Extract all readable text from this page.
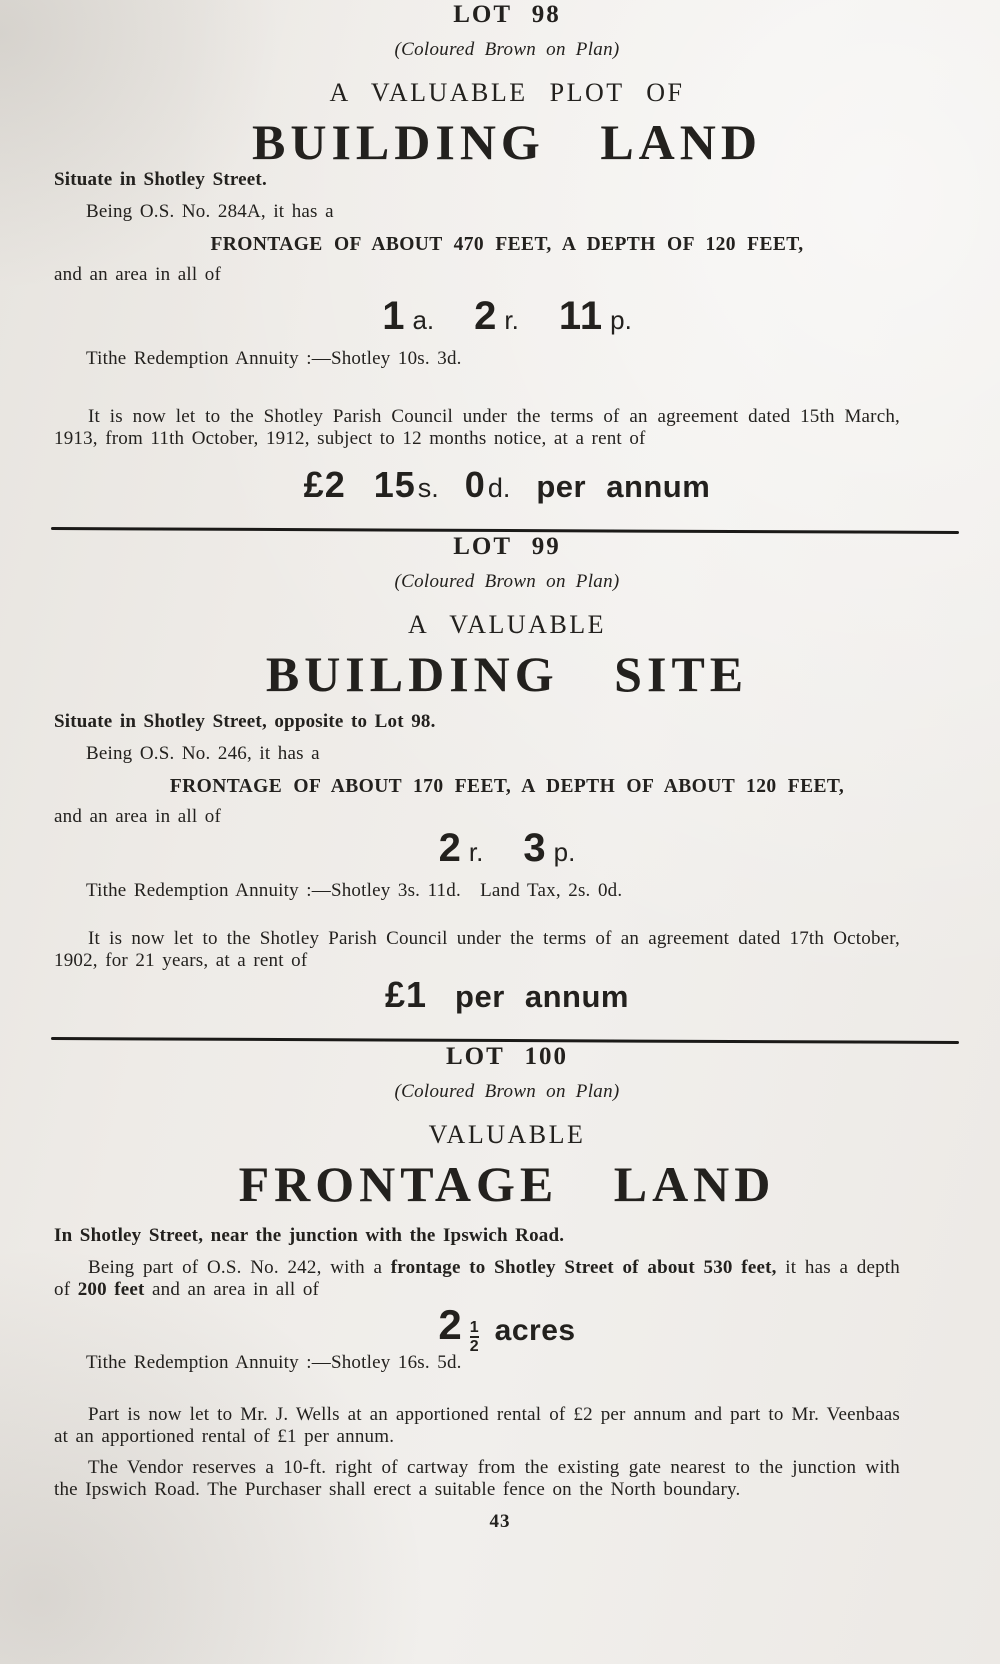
LOT 98

(Coloured Brown on Plan)

A VALUABLE PLOT OF

BUILDING LAND

Situate in Shotley Street.

Being O.S. No. 284A, it has a

FRONTAGE OF ABOUT 470 FEET, A DEPTH OF 120 FEET,

and an area in all of

1 a. 2 r. 11 p.

Tithe Redemption Annuity :—Shotley 10s. 3d.

It is now let to the Shotley Parish Council under the terms of an agreement dated 15th March, 1913, from 11th October, 1912, subject to 12 months notice, at a rent of

£2 15 s. 0 d. per annum
LOT 99

(Coloured Brown on Plan)

A VALUABLE

BUILDING SITE

Situate in Shotley Street, opposite to Lot 98.

Being O.S. No. 246, it has a

FRONTAGE OF ABOUT 170 FEET, A DEPTH OF ABOUT 120 FEET,

and an area in all of

2 r. 3 p.

Tithe Redemption Annuity :—Shotley 3s. 11d. Land Tax, 2s. 0d.

It is now let to the Shotley Parish Council under the terms of an agreement dated 17th October, 1902, for 21 years, at a rent of

£1 per annum
LOT 100

(Coloured Brown on Plan)

VALUABLE

FRONTAGE LAND

In Shotley Street, near the junction with the Ipswich Road.

Being part of O.S. No. 242, with a frontage to Shotley Street of about 530 feet, it has a depth of 200 feet and an area in all of

$2 \frac{1}{2}$ acres

Tithe Redemption Annuity :—Shotley 16s. 5d.

Part is now let to Mr. J. Wells at an apportioned rental of £2 per annum and part to Mr. Veenbaas at an apportioned rental of £1 per annum.

The Vendor reserves a 10-ft. right of cartway from the existing gate nearest to the junction with the Ipswich Road. The Purchaser shall erect a suitable fence on the North boundary.

43
